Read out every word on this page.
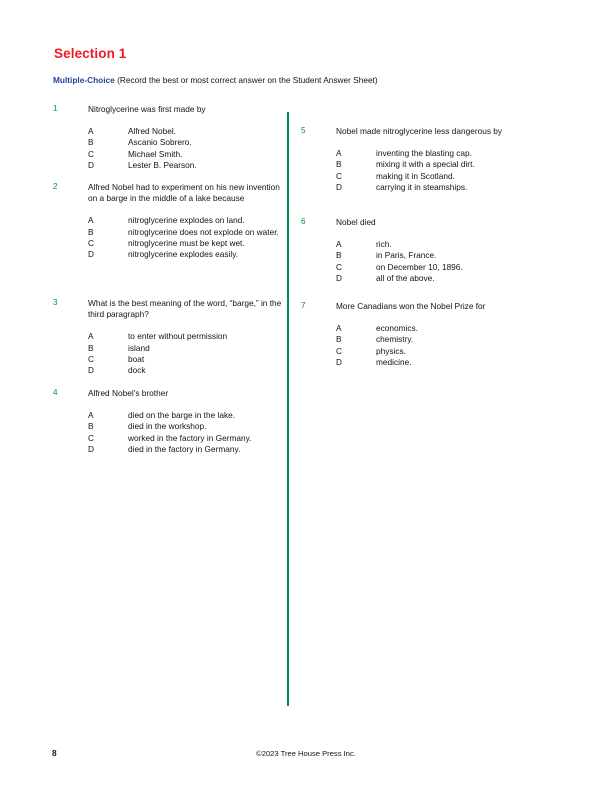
Selection 1
Multiple-Choice (Record the best or most correct answer on the Student Answer Sheet)
1	Nitroglycerine was first made by
A	Alfred Nobel.
B	Ascanio Sobrero.
C	Michael Smith.
D	Lester B. Pearson.
2	Alfred Nobel had to experiment on his new invention on a barge in the middle of a lake because
A	nitroglycerine explodes on land.
B	nitroglycerine does not explode on water.
C	nitroglycerine must be kept wet.
D	nitroglycerine explodes easily.
3	What is the best meaning of the word, “barge,” in the third paragraph?
A	to enter without permission
B	island
C	boat
D	dock
4	Alfred Nobel’s brother
A	died on the barge in the lake.
B	died in the workshop.
C	worked in the factory in Germany.
D	died in the factory in Germany.
5	Nobel made nitroglycerine less dangerous by
A	inventing the blasting cap.
B	mixing it with a special dirt.
C	making it in Scotland.
D	carrying it in steamships.
6	Nobel died
A	rich.
B	in Paris, France.
C	on December 10, 1896.
D	all of the above.
7	More Canadians won the Nobel Prize for
A	economics.
B	chemistry.
C	physics.
D	medicine.
8	©2023 Tree House Press Inc.
